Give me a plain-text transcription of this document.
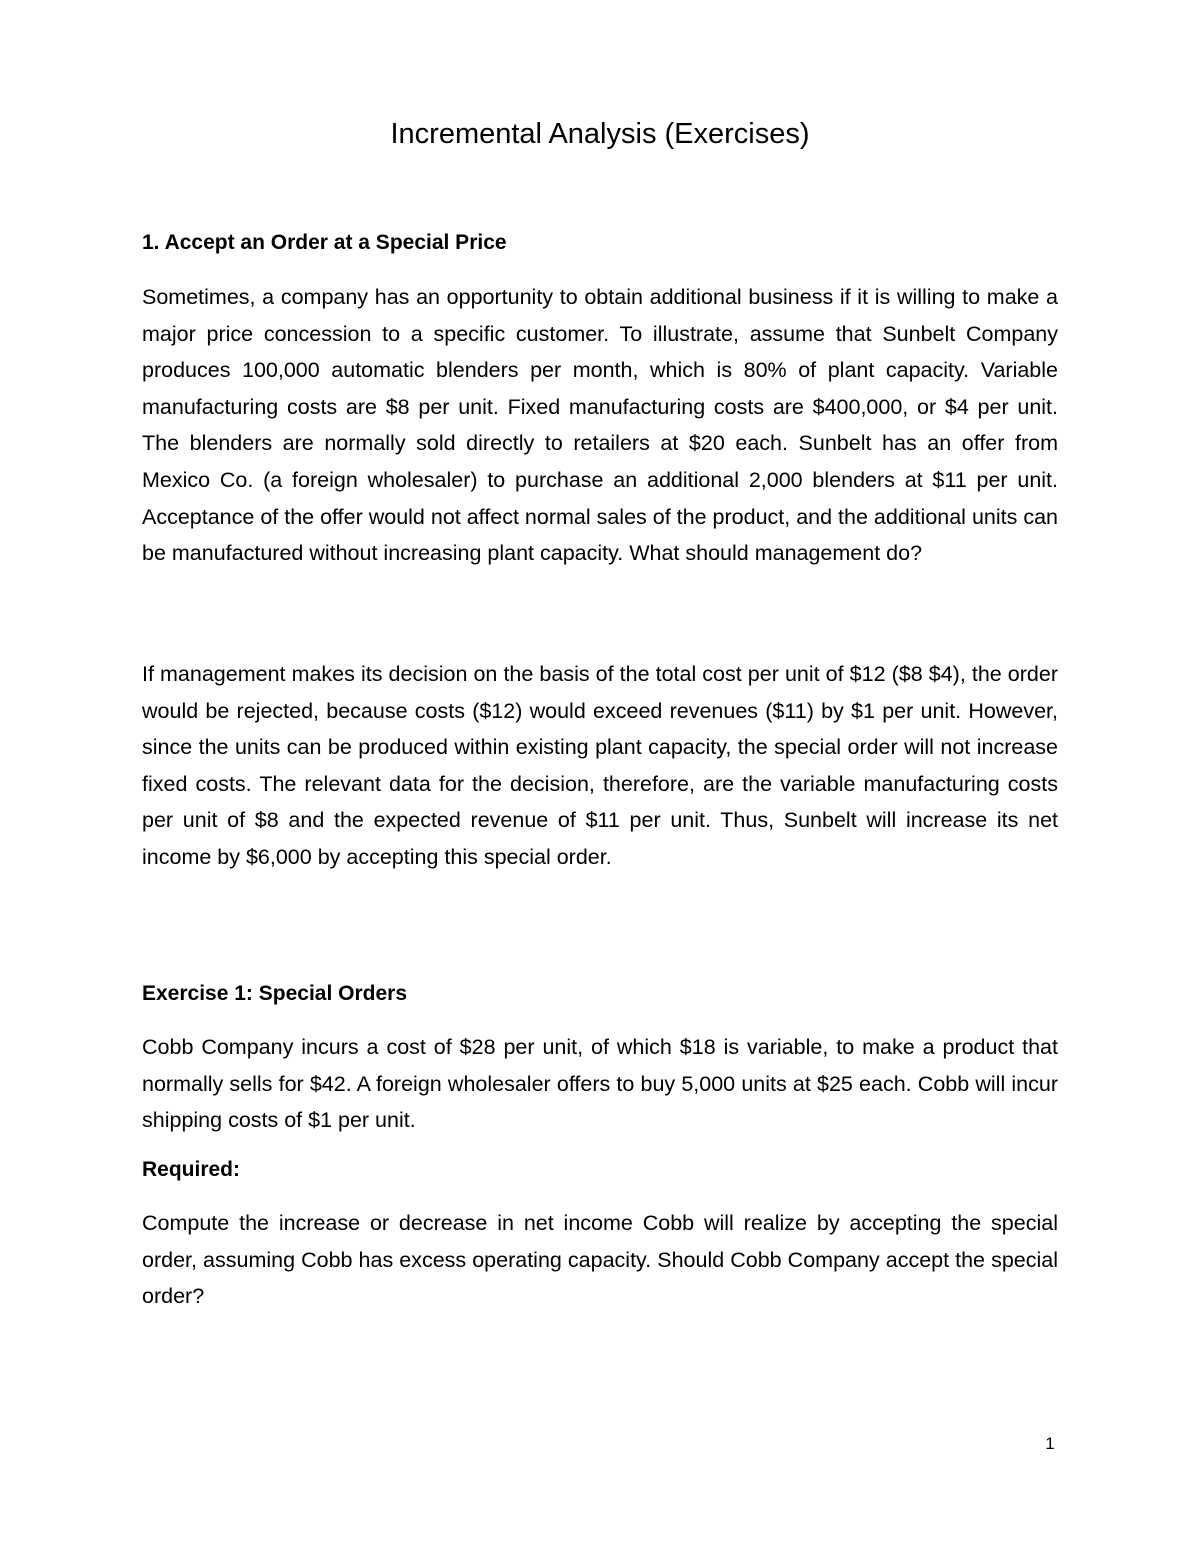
Incremental Analysis (Exercises)
1. Accept an Order at a Special Price

Sometimes, a company has an opportunity to obtain additional business if it is willing to make a major price concession to a specific customer. To illustrate, assume that Sunbelt Company produces 100,000 automatic blenders per month, which is 80% of plant capacity. Variable manufacturing costs are $8 per unit. Fixed manufacturing costs are $400,000, or $4 per unit. The blenders are normally sold directly to retailers at $20 each. Sunbelt has an offer from Mexico Co. (a foreign wholesaler) to purchase an additional 2,000 blenders at $11 per unit. Acceptance of the offer would not affect normal sales of the product, and the additional units can be manufactured without increasing plant capacity. What should management do?

If management makes its decision on the basis of the total cost per unit of $12 ($8 $4), the order would be rejected, because costs ($12) would exceed revenues ($11) by $1 per unit. However, since the units can be produced within existing plant capacity, the special order will not increase fixed costs. The relevant data for the decision, therefore, are the variable manufacturing costs per unit of $8 and the expected revenue of $11 per unit. Thus, Sunbelt will increase its net income by $6,000 by accepting this special order.

Exercise 1: Special Orders

Cobb Company incurs a cost of $28 per unit, of which $18 is variable, to make a product that normally sells for $42. A foreign wholesaler offers to buy 5,000 units at $25 each. Cobb will incur shipping costs of $1 per unit.

Required:

Compute the increase or decrease in net income Cobb will realize by accepting the special order, assuming Cobb has excess operating capacity. Should Cobb Company accept the special order?

1
